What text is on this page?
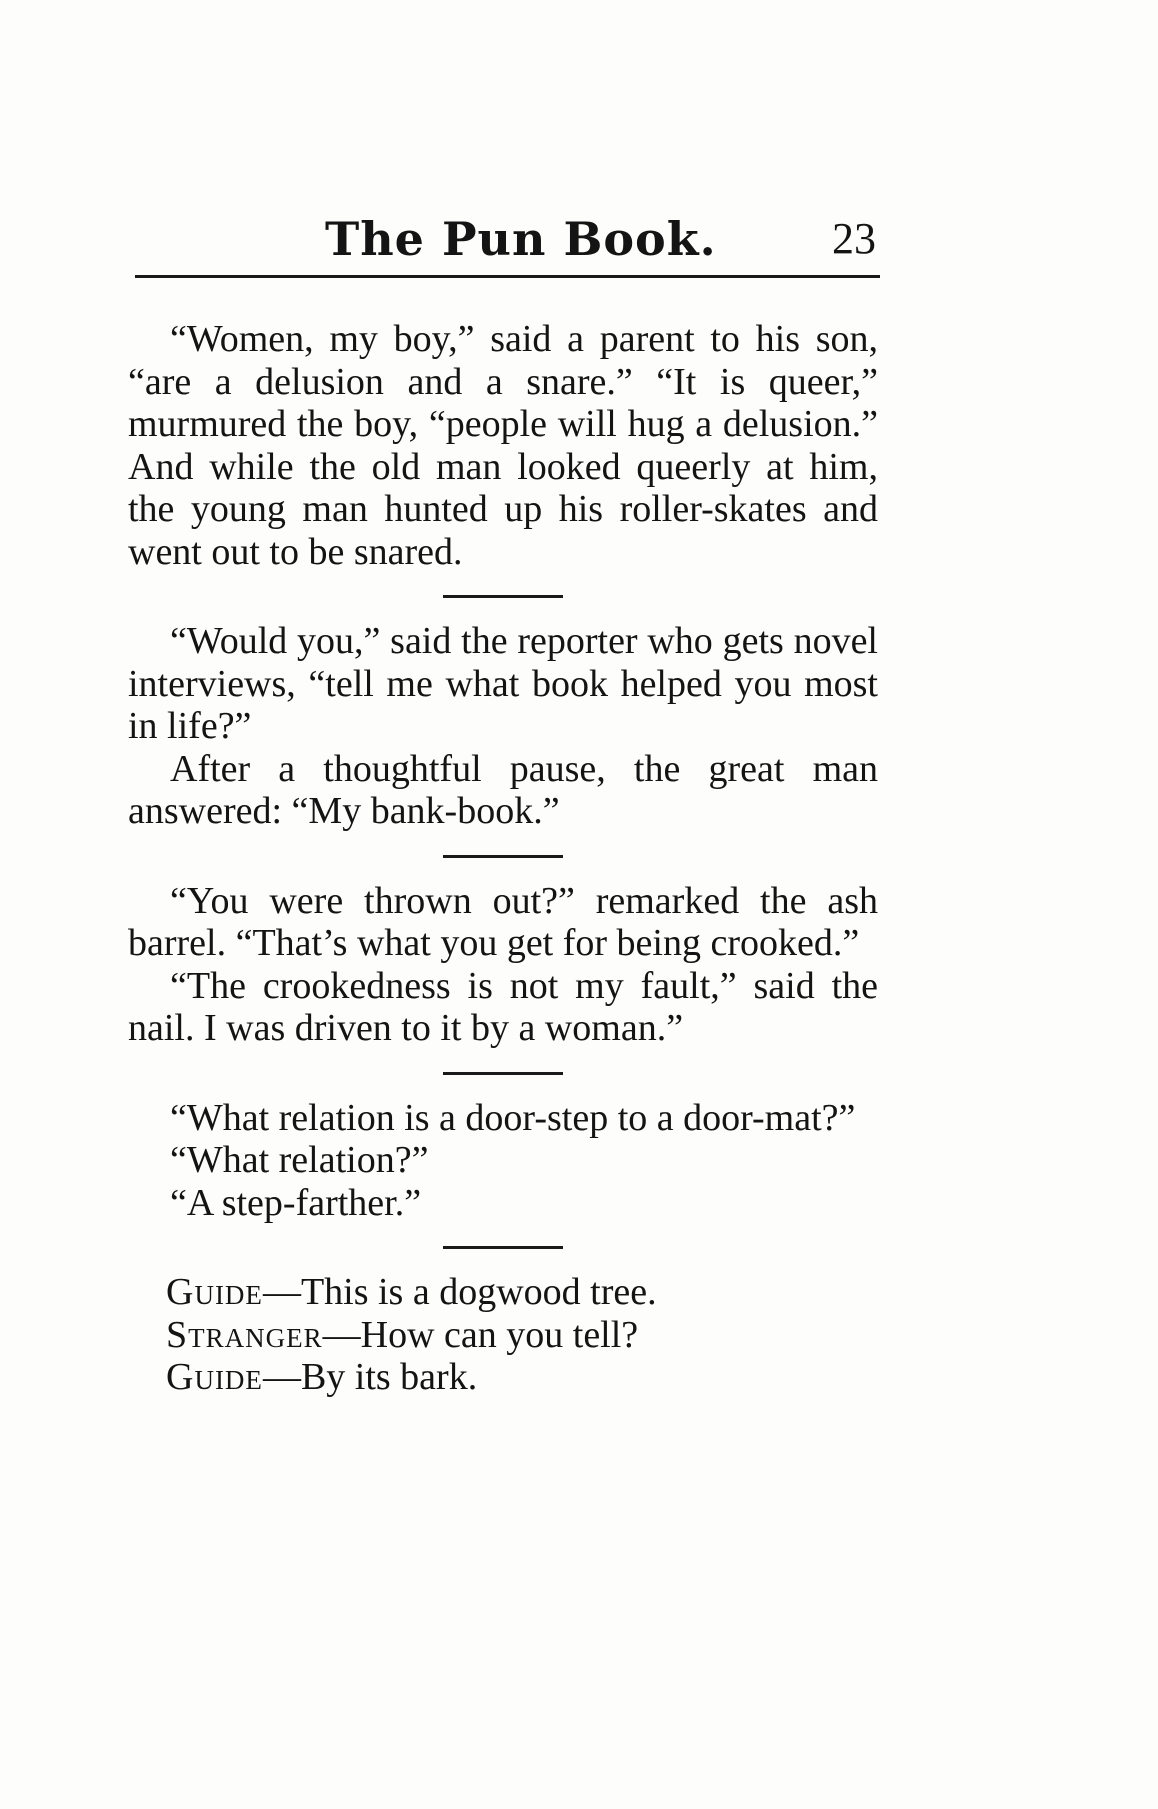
The Pun Book.	23

“Women, my boy,” said a parent to his son, “are a delusion and a snare.” “It is queer,” murmured the boy, “people will hug a delusion.” And while the old man looked queerly at him, the young man hunted up his roller-skates and went out to be snared.

“Would you,” said the reporter who gets novel interviews, “tell me what book helped you most in life?”

After a thoughtful pause, the great man answered: “My bank-book.”

“You were thrown out?” remarked the ash barrel. “That’s what you get for being crooked.”

“The crookedness is not my fault,” said the nail. I was driven to it by a woman.”

“What relation is a door-step to a door-mat?”

“What relation?”

“A step-farther.”

Guide—This is a dogwood tree.

Stranger—How can you tell?

Guide—By its bark.
